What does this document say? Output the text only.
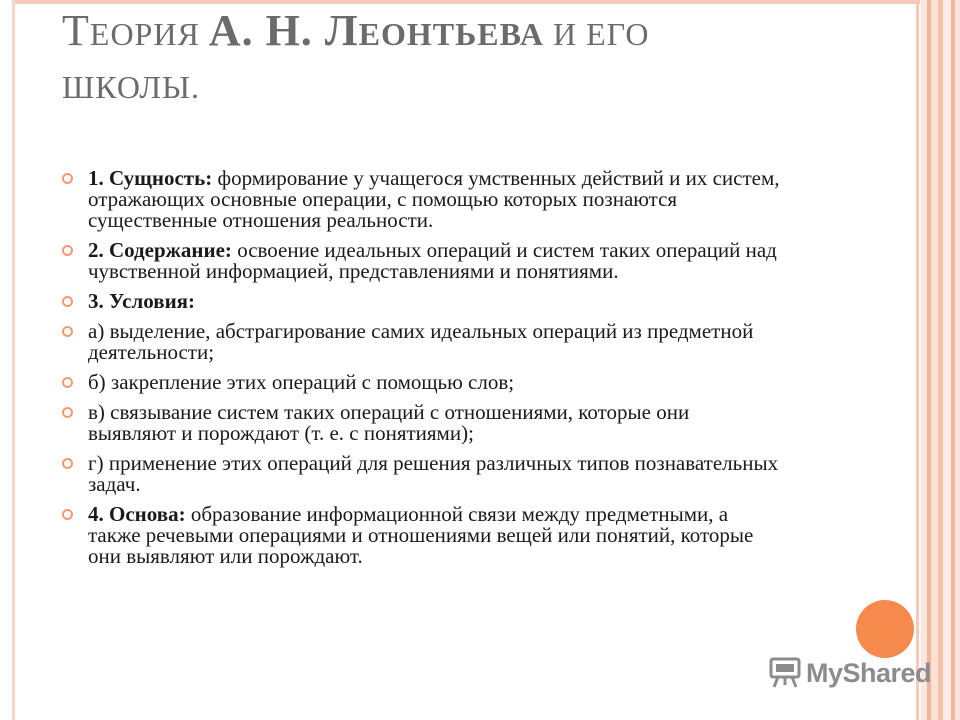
ТЕОРИЯ А. Н. ЛЕОНТЬЕВА И ЕГО
ШКОЛЫ.
1. Сущность: формирование у учащегося умственных действий и их систем, отражающих основные операции, с помощью которых познаются существенные отношения реальности.
2. Содержание: освоение идеальных операций и систем таких операций над чувственной информацией, представлениями и понятиями.
3. Условия:
а) выделение, абстрагирование самих идеальных операций из предметной деятельности;
б) закрепление этих операций с помощью слов;
в) связывание систем таких операций с отношениями, которые они выявляют и порождают (т. е. с понятиями);
г) применение этих операций для решения различных типов познавательных задач.
4. Основа: образование информационной связи между предметными, а также речевыми операциями и отношениями вещей или понятий, которые они выявляют или порождают.
MyShared
